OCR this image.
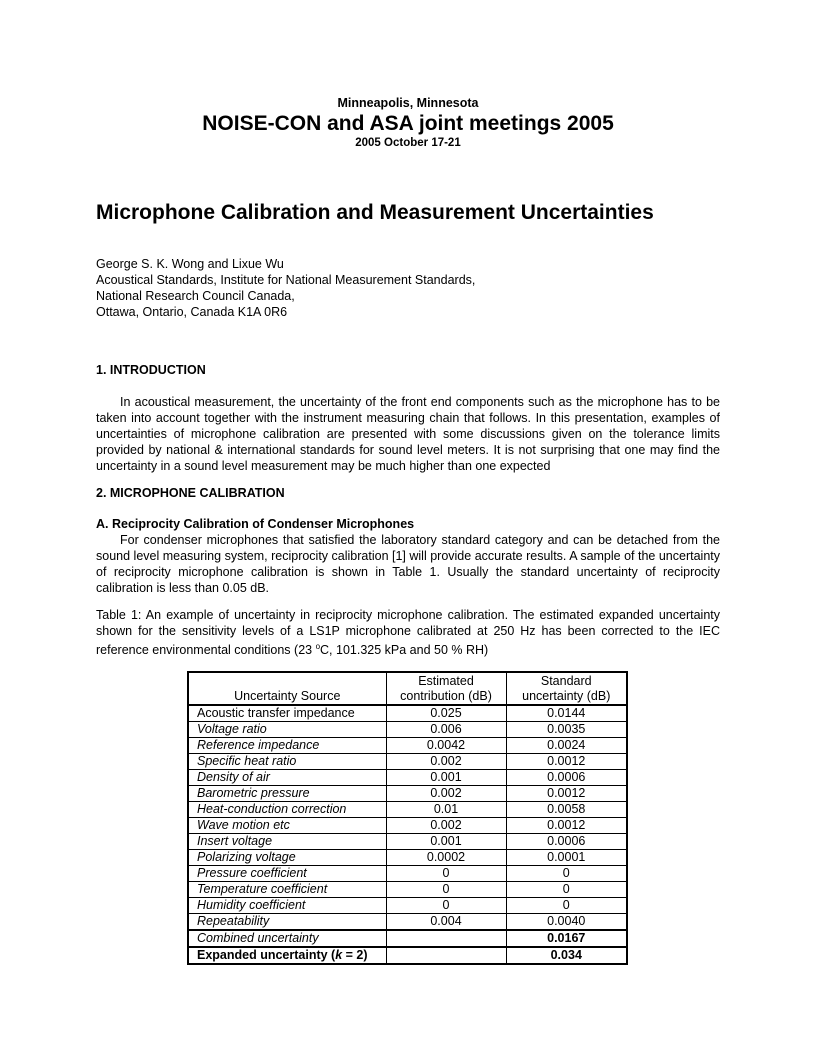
Minneapolis, Minnesota
NOISE-CON and ASA joint meetings 2005
2005 October 17-21
Microphone Calibration and Measurement Uncertainties
George S. K. Wong and Lixue Wu
Acoustical Standards, Institute for National Measurement Standards,
National Research Council Canada,
Ottawa, Ontario, Canada K1A 0R6
1. INTRODUCTION
In acoustical measurement, the uncertainty of the front end components such as the microphone has to be taken into account together with the instrument measuring chain that follows. In this presentation, examples of uncertainties of microphone calibration are presented with some discussions given on the tolerance limits provided by national & international standards for sound level meters. It is not surprising that one may find the uncertainty in a sound level measurement may be much higher than one expected
2. MICROPHONE CALIBRATION
A. Reciprocity Calibration of Condenser Microphones
For condenser microphones that satisfied the laboratory standard category and can be detached from the sound level measuring system, reciprocity calibration [1] will provide accurate results. A sample of the uncertainty of reciprocity microphone calibration is shown in Table 1. Usually the standard uncertainty of reciprocity calibration is less than 0.05 dB.
Table 1: An example of uncertainty in reciprocity microphone calibration. The estimated expanded uncertainty shown for the sensitivity levels of a LS1P microphone calibrated at 250 Hz has been corrected to the IEC reference environmental conditions (23 $^o$C, 101.325 kPa and 50 % RH)
Uncertainty Source	Estimated contribution (dB)	Standard uncertainty (dB)
Acoustic transfer impedance	0.025	0.0144
Voltage ratio	0.006	0.0035
Reference impedance	0.0042	0.0024
Specific heat ratio	0.002	0.0012
Density of air	0.001	0.0006
Barometric pressure	0.002	0.0012
Heat-conduction correction	0.01	0.0058
Wave motion etc	0.002	0.0012
Insert voltage	0.001	0.0006
Polarizing voltage	0.0002	0.0001
Pressure coefficient	0	0
Temperature coefficient	0	0
Humidity coefficient	0	0
Repeatability	0.004	0.0040
Combined uncertainty		0.0167
Expanded uncertainty (k = 2)		0.034
